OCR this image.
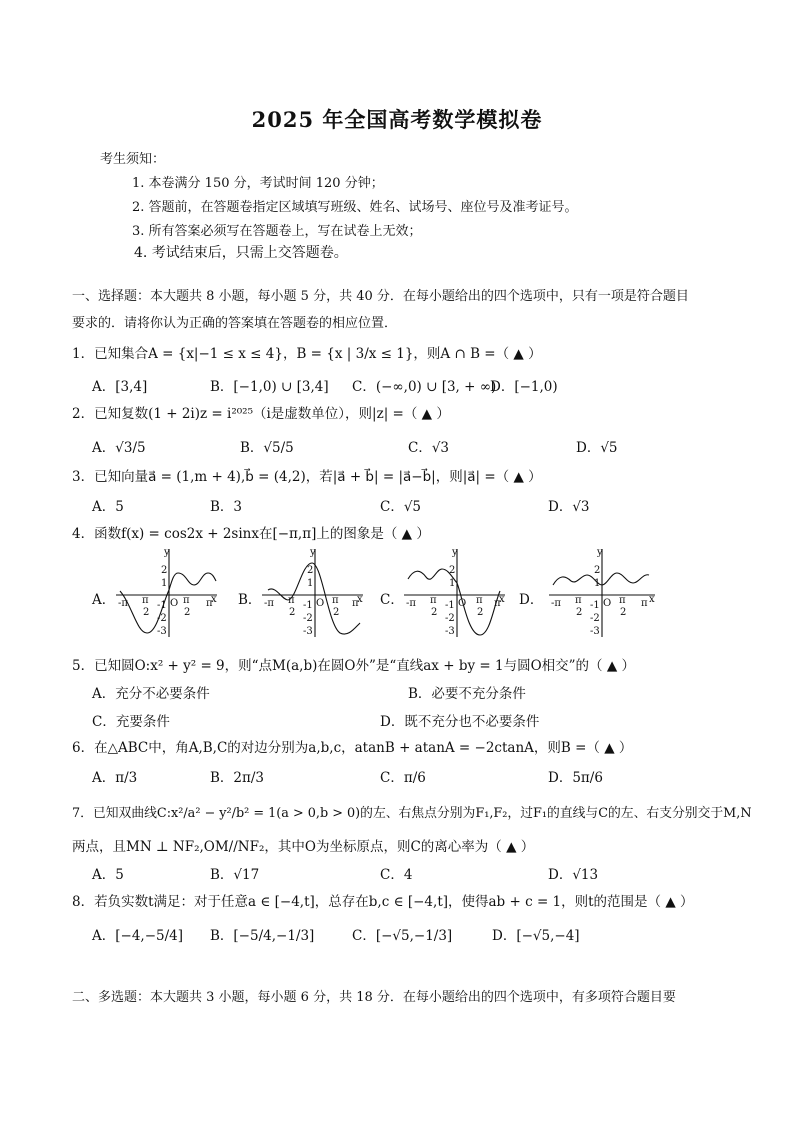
2025 年全国高考数学模拟卷
考生须知：
1. 本卷满分 150 分，考试时间 120 分钟；
2. 答题前，在答题卷指定区域填写班级、姓名、试场号、座位号及准考证号。
3. 所有答案必须写在答题卷上，写在试卷上无效；
4. 考试结束后，只需上交答题卷。
一、选择题：本大题共 8 小题，每小题 5 分，共 40 分．在每小题给出的四个选项中，只有一项是符合题目
要求的．请将你认为正确的答案填在答题卷的相应位置．
1．已知集合A = {x|−1 ≤ x ≤ 4}，B = {x | 3/x ≤ 1}，则A ∩ B =（ ▲ ）
A．[3,4]	B．[−1,0) ∪ [3,4] C．(−∞,0) ∪ [3, + ∞)
D．[−1,0)
2．已知复数(1 + 2i)z = i²⁰²⁵（i是虚数单位），则|z| =（ ▲ ）
A．√3/5	B．√5/5	C．√3	D．√5
3．已知向量a⃗ = (1,m + 4),b⃗ = (4,2)，若|a⃗ + b⃗| = |a⃗−b⃗|，则|a⃗| =（ ▲ ）
A．5	B．3	C．√5	D．√3
4．函数f(x) = cos2x + 2sinx在[−π,π]上的图象是（ ▲ ）
A．	B．	C．	D．
y
2
1
-1
-2
-3
-π	π
x
O
π
2
π
2
y
2
1
-1
-2
-3
-π	π
x
O
π
2
π
2
y
2
1
-1
-2
-3
-π	π
x
O
π
2
π
2
y
2
1
-1
-2
-3
-π	π x
O
π
2
π
2
5．已知圆O:x² + y² = 9，则“点M(a,b)在圆O外”是“直线ax + by = 1与圆O相交”的（ ▲ ）
A．充分不必要条件	B．必要不充分条件
C．充要条件	D．既不充分也不必要条件
6．在△ABC中，角A,B,C的对边分别为a,b,c，atanB + atanA = −2ctanA，则B =（ ▲ ）
A．π/3	B．2π/3	C．π/6	D．5π/6
7．已知双曲线C:x²/a² − y²/b² = 1(a > 0,b > 0)的左、右焦点分别为F₁,F₂，过F₁的直线与C的左、右支分别交于M,N
两点，且MN ⊥ NF₂,OM//NF₂，其中O为坐标原点，则C的离心率为（ ▲ ）
A．5	B．√17	C．4	D．√13
8．若负实数t满足：对于任意a ∈ [−4,t]，总存在b,c ∈ [−4,t]，使得ab + c = 1，则t的范围是（ ▲ ）
A．[−4,−5/4] B．[−5/4,−1/3]	C．[−√5,−1/3]	D．[−√5,−4]
二、多选题：本大题共 3 小题，每小题 6 分，共 18 分．在每小题给出的四个选项中，有多项符合题目要
